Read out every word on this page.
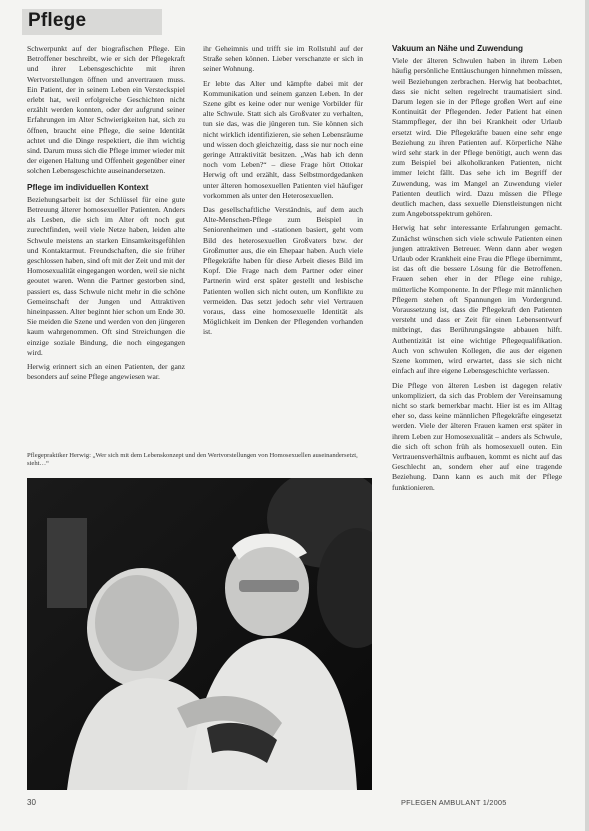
Pflege

Schwerpunkt auf der biografischen Pflege. Ein Betroffener beschreibt, wie er sich der Pflegekraft und ihrer Lebensgeschichte mit ihren Wertvorstellungen öffnen und anvertrauen muss. Ein Patient, der in seinem Leben ein Versteckspiel erlebt hat, weil erfolgreiche Geschichten nicht erzählt werden konnten, oder der aufgrund seiner Erfahrungen im Alter Schwierigkeiten hat, sich zu öffnen, braucht eine Pflege, die seine Identität achtet und die Dinge respektiert, die ihm wichtig sind. Darum muss sich die Pflege immer wieder mit der eigenen Haltung und Offenheit gegenüber einer solchen Lebensgeschichte auseinandersetzen.

Pflege im individuellen Kontext

Beziehungsarbeit ist der Schlüssel für eine gute Betreuung älterer homosexueller Patienten. Anders als Lesben, die sich im Alter oft noch gut zurechtfinden, weil viele Netze haben, leiden alte Schwule meistens an starken Einsamkeitsgefühlen und Kontaktarmut. Freundschaften, die sie früher geschlossen haben, sind oft mit der Zeit und mit der Homosexualität eingegangen worden, weil sie nicht geoutet waren. Wenn die Partner gestorben sind, passiert es, dass Schwule nicht mehr in die schöne Gemeinschaft der Jungen und Attraktiven hineinpassen. Alter beginnt hier schon um Ende 30. Sie meiden die Szene und werden von den jüngeren kaum wahrgenommen. Oft sind Streichungen die einzige soziale Bindung, die noch eingegangen wird.

Herwig erinnert sich an einen Patienten, der ganz besonders auf seine Pflege angewiesen war.

ihr Geheimnis und trifft sie im Rollstuhl auf der Straße sehen können. Lieber verschanzte er sich in seiner Wohnung.

Er lebte das Alter und kämpfte dabei mit der Kommunikation und seinem ganzen Leben. In der Szene gibt es keine oder nur wenige Vorbilder für alte Schwule. Statt sich als Großvater zu verhalten, tun sie das, was die jüngeren tun. Sie können sich nicht wirklich identifizieren, sie sehen Lebensräume und wissen doch gleichzeitig, dass sie nur noch eine geringe Attraktivität besitzen. „Was hab ich denn noch vom Leben?“ – diese Frage hört Ottokar Herwig oft und erzählt, dass Selbstmordgedanken unter älteren homosexuellen Patienten viel häufiger vorkommen als unter den Heterosexuellen.

Das gesellschaftliche Verständnis, auf dem auch Alte-Menschen-Pflege zum Beispiel in Seniorenheimen und -stationen basiert, geht vom Bild des heterosexuellen Großvaters bzw. der Großmutter aus, die ein Ehepaar haben. Auch viele Pflegekräfte haben für diese Arbeit dieses Bild im Kopf. Die Frage nach dem Partner oder einer Partnerin wird erst später gestellt und lesbische Patienten wollen sich nicht outen, um Konflikte zu vermeiden. Das setzt jedoch sehr viel Vertrauen voraus, dass eine homosexuelle Identität als Möglichkeit im Denken der Pflegenden vorhanden ist.

Vakuum an Nähe und Zuwendung

Viele der älteren Schwulen haben in ihrem Leben häufig persönliche Enttäuschungen hinnehmen müssen, weil Beziehungen zerbrachen. Herwig hat beobachtet, dass sie nicht selten regelrecht traumatisiert sind. Darum legen sie in der Pflege großen Wert auf eine Kontinuität der Pflegenden. Jeder Patient hat einen Stammpfleger, der ihn bei Krankheit oder Urlaub ersetzt wird. Die Pflegekräfte bauen eine sehr enge Beziehung zu ihren Patienten auf. Körperliche Nähe wird sehr stark in der Pflege benötigt, auch wenn das zum Beispiel bei alkoholkranken Patienten, nicht immer leicht fällt. Das sehe ich im Begriff der Zuwendung, was im Mangel an Zuwendung vieler Patienten deutlich wird. Dazu müssen die Pflege deutlich machen, dass sexuelle Dienstleistungen nicht zum Angebotsspektrum gehören.

Herwig hat sehr interessante Erfahrungen gemacht. Zunächst wünschen sich viele schwule Patienten einen jungen attraktiven Betreuer. Wenn dann aber wegen Urlaub oder Krankheit eine Frau die Pflege übernimmt, ist das oft die bessere Lösung für die Betroffenen. Frauen sehen eher in der Pflege eine ruhige, mütterliche Komponente. In der Pflege mit männlichen Pflegern stehen oft Spannungen im Vordergrund. Voraussetzung ist, dass die Pflegekraft den Patienten versteht und dass er Zeit für einen Lebensentwurf mitbringt, das Berührungsängste abbauen hilft. Authentizität ist eine wichtige Pflegequalifikation. Auch von schwulen Kollegen, die aus der eigenen Szene kommen, wird erwartet, dass sie sich nicht einfach auf ihre eigene Lebensgeschichte verlassen.

Die Pflege von älteren Lesben ist dagegen relativ unkompliziert, da sich das Problem der Vereinsamung nicht so stark bemerkbar macht. Hier ist es im Alltag eher so, dass keine männlichen Pflegekräfte eingesetzt werden. Viele der älteren Frauen kamen erst später in ihrem Leben zur Homosexualität – anders als Schwule, die sich oft schon früh als homosexuell outen. Ein Vertrauensverhältnis aufbauen, kommt es nicht auf das Geschlecht an, sondern eher auf eine tragende Beziehung. Dann kann es auch mit der Pflege funktionieren.

Pflegepraktiker Herwig: „Wer sich mit dem Lebenskonzept und den Wertvorstellungen von Homosexuellen auseinandersetzt, sieht…“
30	PFLEGEN AMBULANT 1/2005
